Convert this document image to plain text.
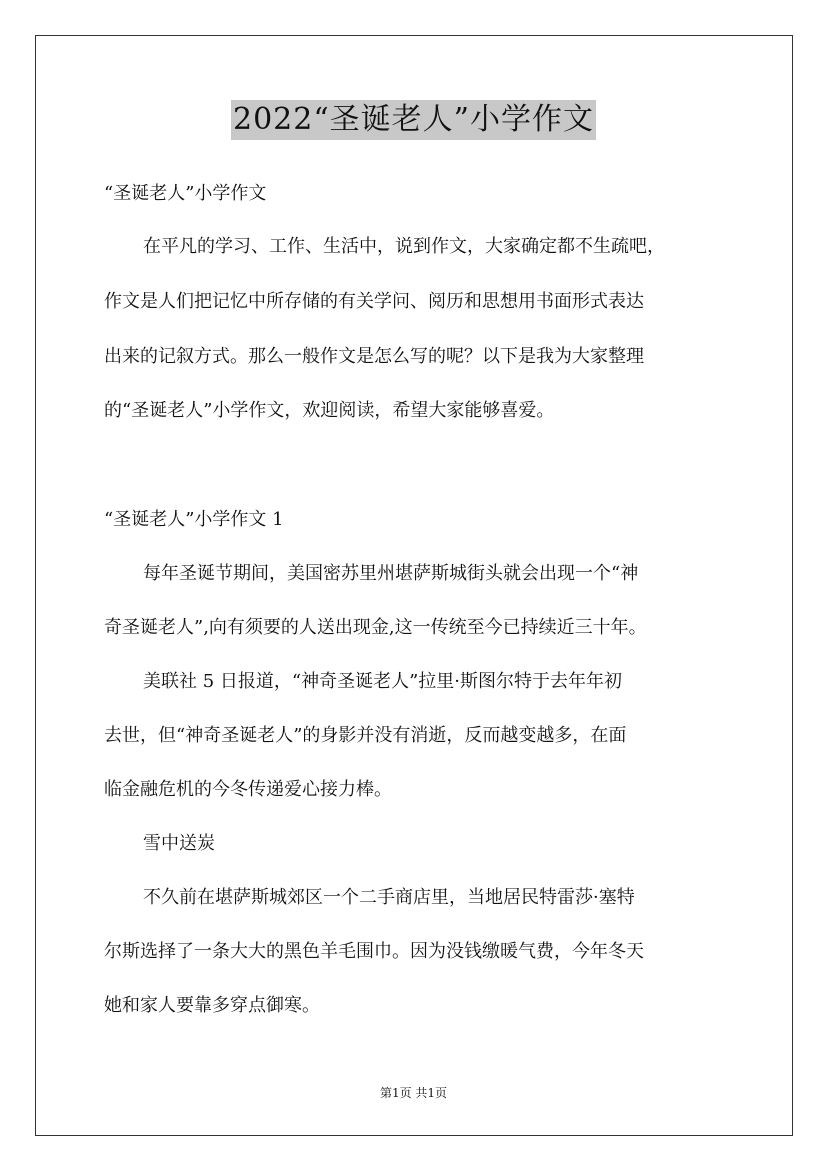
2022“圣诞老人”小学作文
“圣诞老人”小学作文
在平凡的学习、工作、生活中，说到作文，大家确定都不生疏吧，
作文是人们把记忆中所存储的有关学问、阅历和思想用书面形式表达
出来的记叙方式。那么一般作文是怎么写的呢？以下是我为大家整理
的“圣诞老人”小学作文，欢迎阅读，希望大家能够喜爱。
“圣诞老人”小学作文 1
每年圣诞节期间，美国密苏里州堪萨斯城街头就会出现一个“神
奇圣诞老人”,向有须要的人送出现金,这一传统至今已持续近三十年。
美联社 5 日报道，“神奇圣诞老人”拉里·斯图尔特于去年年初
去世，但“神奇圣诞老人”的身影并没有消逝，反而越变越多，在面
临金融危机的今冬传递爱心接力棒。
雪中送炭
不久前在堪萨斯城郊区一个二手商店里，当地居民特雷莎·塞特
尔斯选择了一条大大的黑色羊毛围巾。因为没钱缴暖气费，今年冬天
她和家人要靠多穿点御寒。
第1页 共1页
